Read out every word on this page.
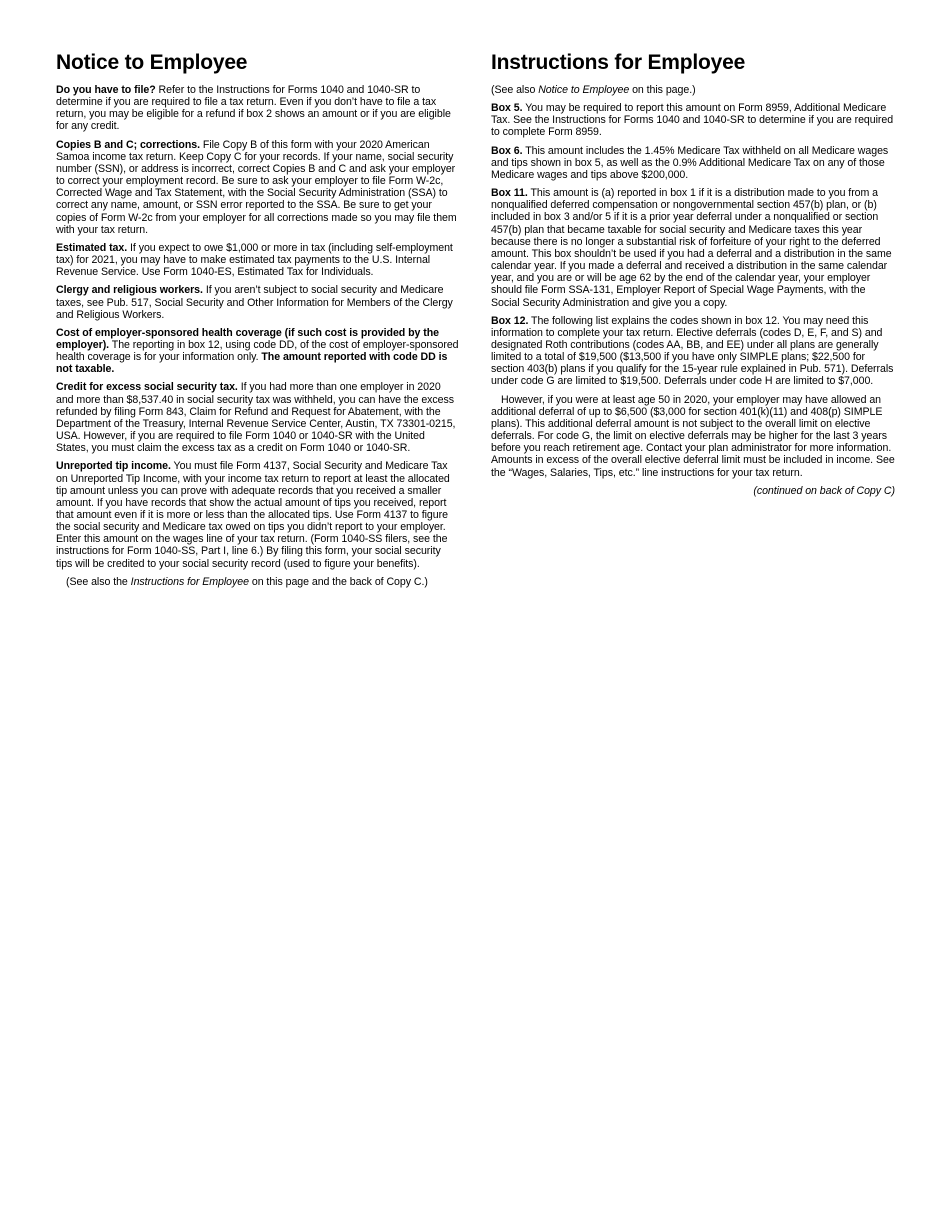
Notice to Employee

Do you have to file? Refer to the Instructions for Forms 1040 and 1040-SR to determine if you are required to file a tax return. Even if you don’t have to file a tax return, you may be eligible for a refund if box 2 shows an amount or if you are eligible for any credit.

Copies B and C; corrections. File Copy B of this form with your 2020 American Samoa income tax return. Keep Copy C for your records. If your name, social security number (SSN), or address is incorrect, correct Copies B and C and ask your employer to correct your employment record. Be sure to ask your employer to file Form W-2c, Corrected Wage and Tax Statement, with the Social Security Administration (SSA) to correct any name, amount, or SSN error reported to the SSA. Be sure to get your copies of Form W-2c from your employer for all corrections made so you may file them with your tax return.

Estimated tax. If you expect to owe $1,000 or more in tax (including self-employment tax) for 2021, you may have to make estimated tax payments to the U.S. Internal Revenue Service. Use Form 1040-ES, Estimated Tax for Individuals.

Clergy and religious workers. If you aren’t subject to social security and Medicare taxes, see Pub. 517, Social Security and Other Information for Members of the Clergy and Religious Workers.

Cost of employer-sponsored health coverage (if such cost is provided by the employer). The reporting in box 12, using code DD, of the cost of employer-sponsored health coverage is for your information only. The amount reported with code DD is not taxable.

Credit for excess social security tax. If you had more than one employer in 2020 and more than $8,537.40 in social security tax was withheld, you can have the excess refunded by filing Form 843, Claim for Refund and Request for Abatement, with the Department of the Treasury, Internal Revenue Service Center, Austin, TX 73301-0215, USA. However, if you are required to file Form 1040 or 1040-SR with the United States, you must claim the excess tax as a credit on Form 1040 or 1040-SR.

Unreported tip income. You must file Form 4137, Social Security and Medicare Tax on Unreported Tip Income, with your income tax return to report at least the allocated tip amount unless you can prove with adequate records that you received a smaller amount. If you have records that show the actual amount of tips you received, report that amount even if it is more or less than the allocated tips. Use Form 4137 to figure the social security and Medicare tax owed on tips you didn’t report to your employer. Enter this amount on the wages line of your tax return. (Form 1040-SS filers, see the instructions for Form 1040-SS, Part I, line 6.) By filing this form, your social security tips will be credited to your social security record (used to figure your benefits).

(See also the Instructions for Employee on this page and the back of Copy C.)

Instructions for Employee

(See also Notice to Employee on this page.)

Box 5. You may be required to report this amount on Form 8959, Additional Medicare Tax. See the Instructions for Forms 1040 and 1040-SR to determine if you are required to complete Form 8959.

Box 6. This amount includes the 1.45% Medicare Tax withheld on all Medicare wages and tips shown in box 5, as well as the 0.9% Additional Medicare Tax on any of those Medicare wages and tips above $200,000.

Box 11. This amount is (a) reported in box 1 if it is a distribution made to you from a nonqualified deferred compensation or nongovernmental section 457(b) plan, or (b) included in box 3 and/or 5 if it is a prior year deferral under a nonqualified or section 457(b) plan that became taxable for social security and Medicare taxes this year because there is no longer a substantial risk of forfeiture of your right to the deferred amount. This box shouldn’t be used if you had a deferral and a distribution in the same calendar year. If you made a deferral and received a distribution in the same calendar year, and you are or will be age 62 by the end of the calendar year, your employer should file Form SSA-131, Employer Report of Special Wage Payments, with the Social Security Administration and give you a copy.

Box 12. The following list explains the codes shown in box 12. You may need this information to complete your tax return. Elective deferrals (codes D, E, F, and S) and designated Roth contributions (codes AA, BB, and EE) under all plans are generally limited to a total of $19,500 ($13,500 if you have only SIMPLE plans; $22,500 for section 403(b) plans if you qualify for the 15-year rule explained in Pub. 571). Deferrals under code G are limited to $19,500. Deferrals under code H are limited to $7,000.

However, if you were at least age 50 in 2020, your employer may have allowed an additional deferral of up to $6,500 ($3,000 for section 401(k)(11) and 408(p) SIMPLE plans). This additional deferral amount is not subject to the overall limit on elective deferrals. For code G, the limit on elective deferrals may be higher for the last 3 years before you reach retirement age. Contact your plan administrator for more information. Amounts in excess of the overall elective deferral limit must be included in income. See the “Wages, Salaries, Tips, etc.” line instructions for your tax return.

(continued on back of Copy C)
